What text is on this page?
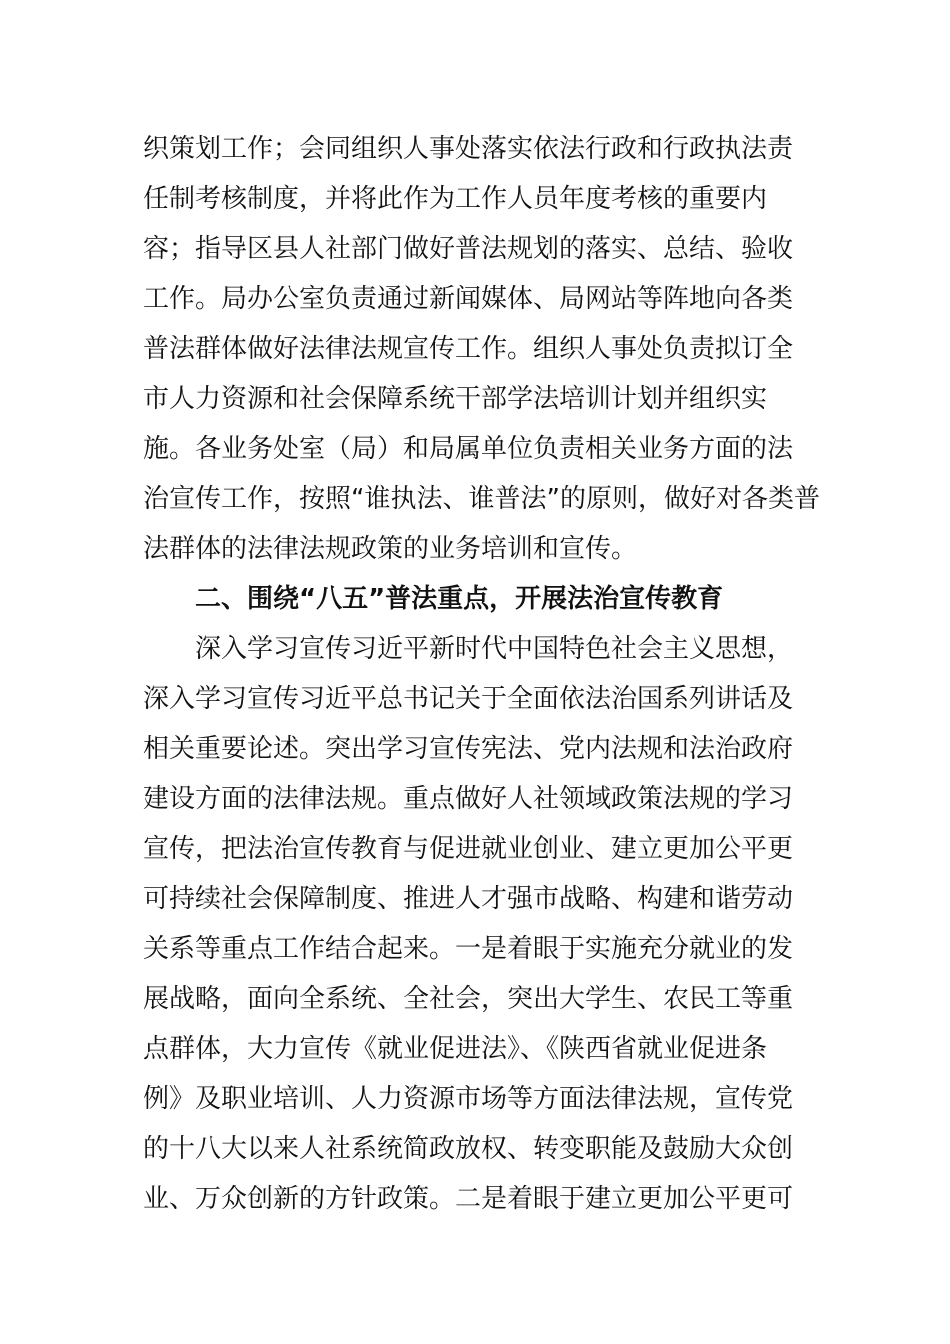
织策划工作；会同组织人事处落实依法行政和行政执法责
任制考核制度，并将此作为工作人员年度考核的重要内
容；指导区县人社部门做好普法规划的落实、总结、验收
工作。局办公室负责通过新闻媒体、局网站等阵地向各类
普法群体做好法律法规宣传工作。组织人事处负责拟订全
市人力资源和社会保障系统干部学法培训计划并组织实
施。各业务处室（局）和局属单位负责相关业务方面的法
治宣传工作，按照“谁执法、谁普法”的原则，做好对各类普
法群体的法律法规政策的业务培训和宣传。
二、围绕“八五”普法重点，开展法治宣传教育
深入学习宣传习近平新时代中国特色社会主义思想，
深入学习宣传习近平总书记关于全面依法治国系列讲话及
相关重要论述。突出学习宣传宪法、党内法规和法治政府
建设方面的法律法规。重点做好人社领域政策法规的学习
宣传，把法治宣传教育与促进就业创业、建立更加公平更
可持续社会保障制度、推进人才强市战略、构建和谐劳动
关系等重点工作结合起来。一是着眼于实施充分就业的发
展战略，面向全系统、全社会，突出大学生、农民工等重
点群体，大力宣传《就业促进法》、《陕西省就业促进条
例》及职业培训、人力资源市场等方面法律法规，宣传党
的十八大以来人社系统简政放权、转变职能及鼓励大众创
业、万众创新的方针政策。二是着眼于建立更加公平更可
